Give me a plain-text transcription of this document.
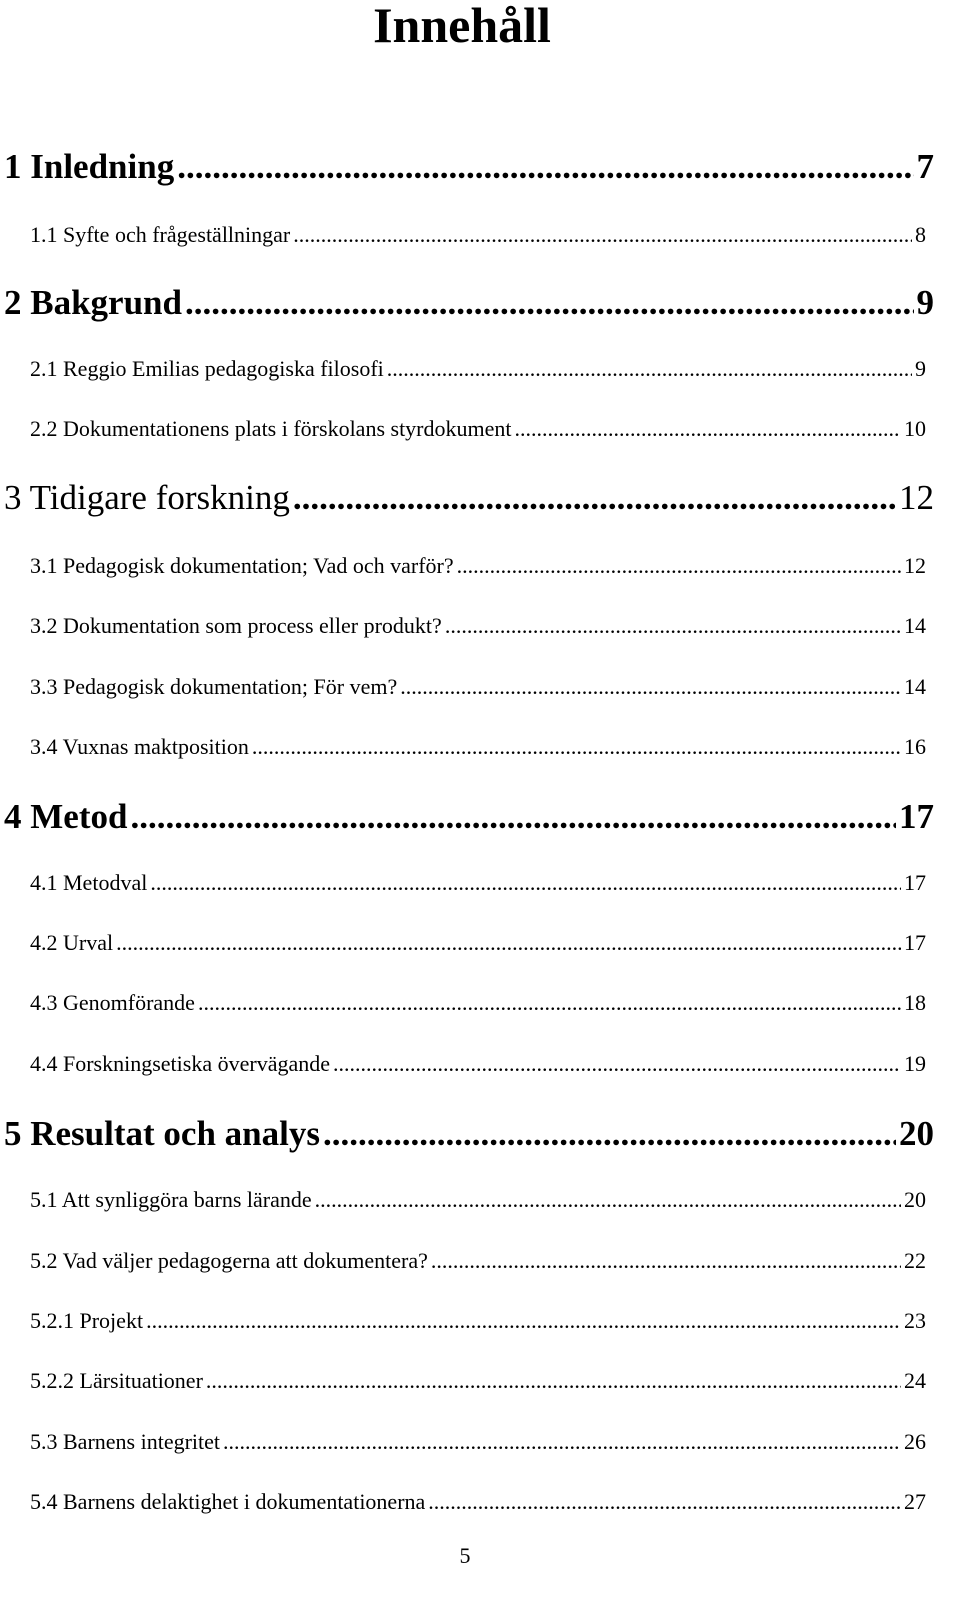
Innehåll
1 Inledning .....	7
1.1 Syfte och frågeställningar .....	8
2 Bakgrund .....	9
2.1 Reggio Emilias pedagogiska filosofi .....	9
2.2 Dokumentationens plats i förskolans styrdokument .....	10
3 Tidigare forskning .....	12
3.1 Pedagogisk dokumentation; Vad och varför? .....	12
3.2 Dokumentation som process eller produkt? .....	14
3.3 Pedagogisk dokumentation; För vem? .....	14
3.4 Vuxnas maktposition .....	16
4 Metod .....	17
4.1 Metodval .....	17
4.2 Urval .....	17
4.3 Genomförande .....	18
4.4 Forskningsetiska övervägande .....	19
5 Resultat och analys .....	20
5.1 Att synliggöra barns lärande .....	20
5.2 Vad väljer pedagogerna att dokumentera? .....	22
5.2.1 Projekt .....	23
5.2.2 Lärsituationer .....	24
5.3 Barnens integritet .....	26
5.4 Barnens delaktighet i dokumentationerna .....	27
5
